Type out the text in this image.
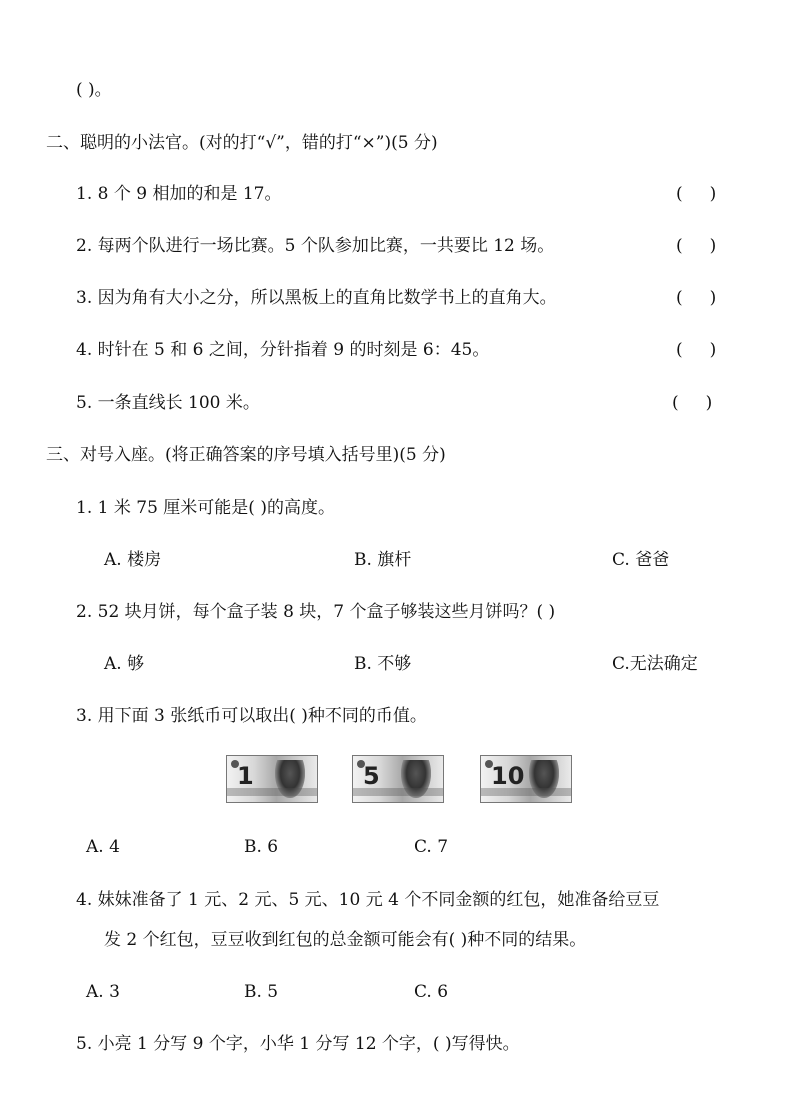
( )。
二、聪明的小法官。(对的打“√”，错的打“×”)(5 分)
1. 8 个 9 相加的和是 17。	(     )
2. 每两个队进行一场比赛。5 个队参加比赛，一共要比 12 场。	(     )
3. 因为角有大小之分，所以黑板上的直角比数学书上的直角大。	(     )
4. 时针在 5 和 6 之间，分针指着 9 的时刻是 6：45。	(     )
5. 一条直线长 100 米。	(     )
三、对号入座。(将正确答案的序号填入括号里)(5 分)
1. 1 米 75 厘米可能是( )的高度。
A. 楼房	B. 旗杆	C. 爸爸
2. 52 块月饼，每个盒子装 8 块，7 个盒子够装这些月饼吗？( )
A. 够	B. 不够	C.无法确定
3. 用下面 3 张纸币可以取出( )种不同的币值。
1	5	10
A. 4	B. 6	C. 7
4. 妹妹准备了 1 元、2 元、5 元、10 元 4 个不同金额的红包，她准备给豆豆
发 2 个红包，豆豆收到红包的总金额可能会有( )种不同的结果。
A. 3	B. 5	C. 6
5. 小亮 1 分写 9 个字，小华 1 分写 12 个字，( )写得快。
